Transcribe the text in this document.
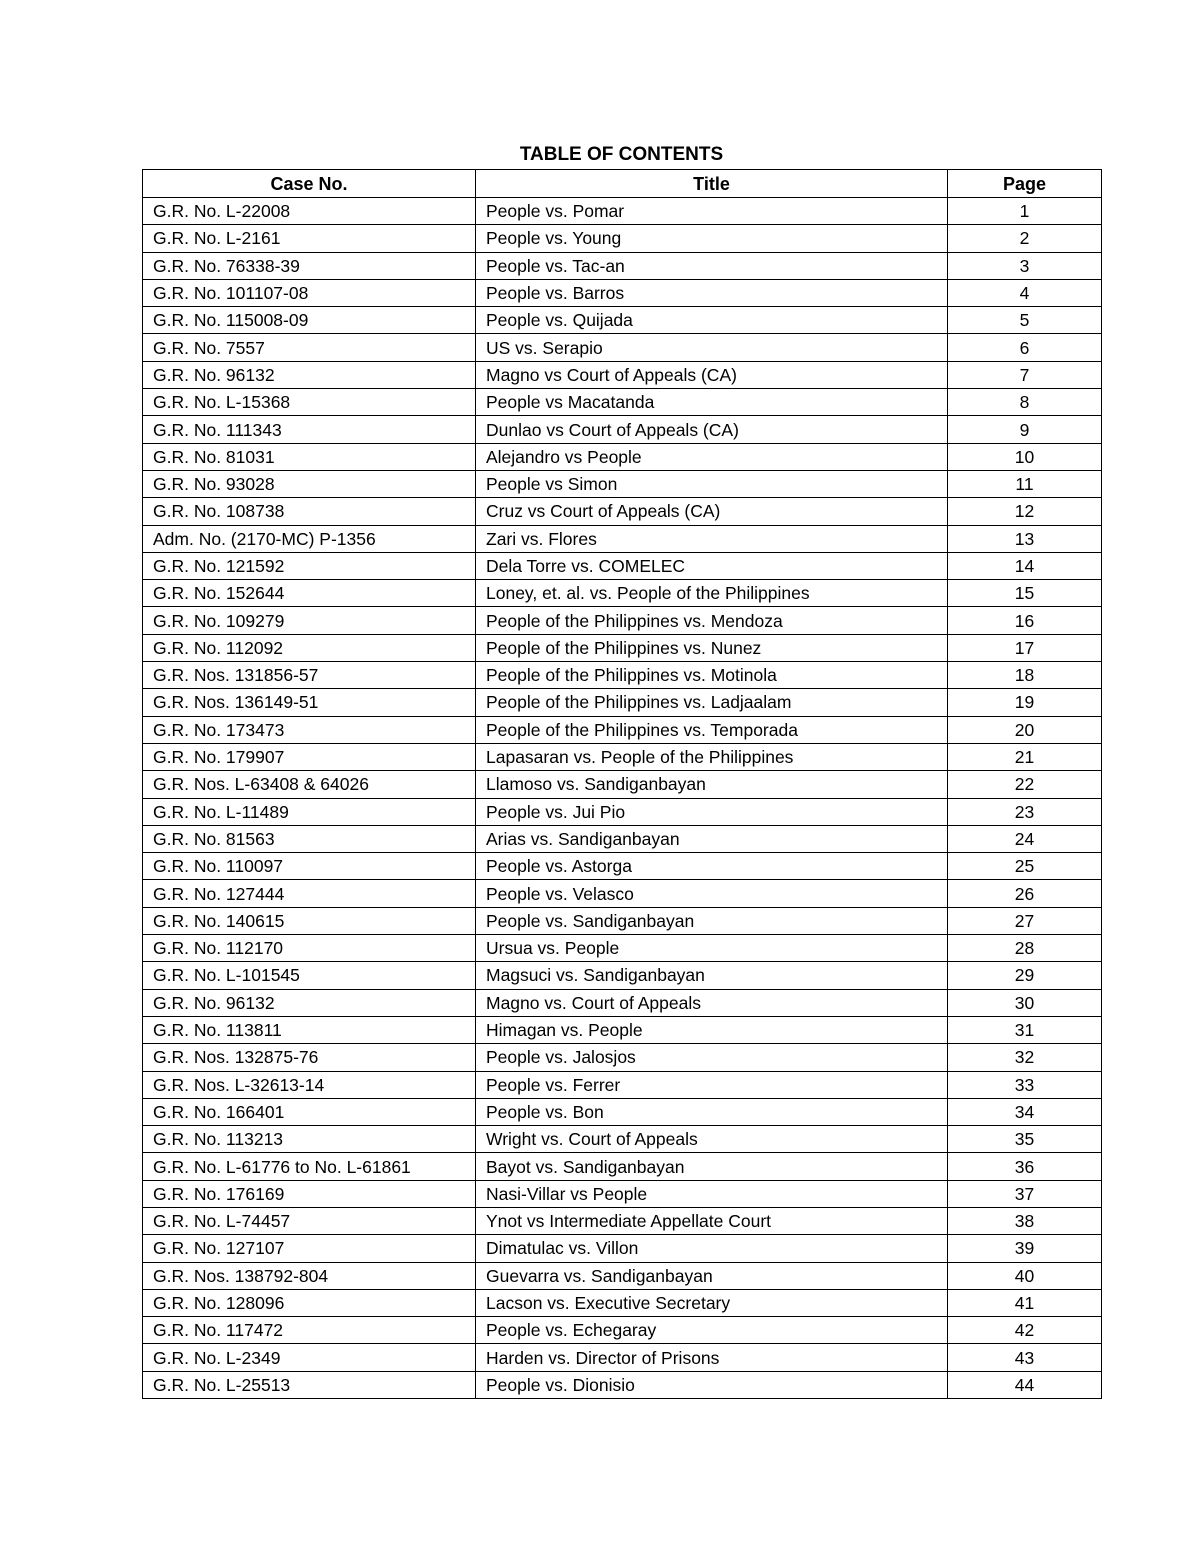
TABLE OF CONTENTS
Case No.	Title	Page
G.R. No. L-22008	People vs. Pomar	1
G.R. No. L-2161	People vs. Young	2
G.R. No. 76338-39	People vs. Tac-an	3
G.R. No. 101107-08	People vs. Barros	4
G.R. No. 115008-09	People vs. Quijada	5
G.R. No. 7557	US vs. Serapio	6
G.R. No. 96132	Magno vs Court of Appeals (CA)	7
G.R. No. L-15368	People vs Macatanda	8
G.R. No. 111343	Dunlao vs Court of Appeals (CA)	9
G.R. No. 81031	Alejandro vs People	10
G.R. No. 93028	People vs Simon	11
G.R. No. 108738	Cruz vs Court of Appeals (CA)	12
Adm. No. (2170-MC) P-1356	Zari vs. Flores	13
G.R. No. 121592	Dela Torre vs. COMELEC	14
G.R. No. 152644	Loney, et. al. vs. People of the Philippines	15
G.R. No. 109279	People of the Philippines vs. Mendoza	16
G.R. No. 112092	People of the Philippines vs. Nunez	17
G.R. Nos. 131856-57	People of the Philippines vs. Motinola	18
G.R. Nos. 136149-51	People of the Philippines vs. Ladjaalam	19
G.R. No. 173473	People of the Philippines vs. Temporada	20
G.R. No. 179907	Lapasaran vs. People of the Philippines	21
G.R. Nos. L-63408 & 64026	Llamoso vs. Sandiganbayan	22
G.R. No. L-11489	People vs. Jui Pio	23
G.R. No. 81563	Arias vs. Sandiganbayan	24
G.R. No. 110097	People vs. Astorga	25
G.R. No. 127444	People vs. Velasco	26
G.R. No. 140615	People vs. Sandiganbayan	27
G.R. No. 112170	Ursua vs. People	28
G.R. No. L-101545	Magsuci vs. Sandiganbayan	29
G.R. No. 96132	Magno vs. Court of Appeals	30
G.R. No. 113811	Himagan vs. People	31
G.R. Nos. 132875-76	People vs. Jalosjos	32
G.R. Nos. L-32613-14	People vs. Ferrer	33
G.R. No. 166401	People vs. Bon	34
G.R. No. 113213	Wright vs. Court of Appeals	35
G.R. No. L-61776 to No. L-61861	Bayot vs. Sandiganbayan	36
G.R. No. 176169	Nasi-Villar vs People	37
G.R. No. L-74457	Ynot vs Intermediate Appellate Court	38
G.R. No. 127107	Dimatulac vs. Villon	39
G.R. Nos. 138792-804	Guevarra vs. Sandiganbayan	40
G.R. No. 128096	Lacson vs. Executive Secretary	41
G.R. No. 117472	People vs. Echegaray	42
G.R. No. L-2349	Harden vs. Director of Prisons	43
G.R. No. L-25513	People vs. Dionisio	44
